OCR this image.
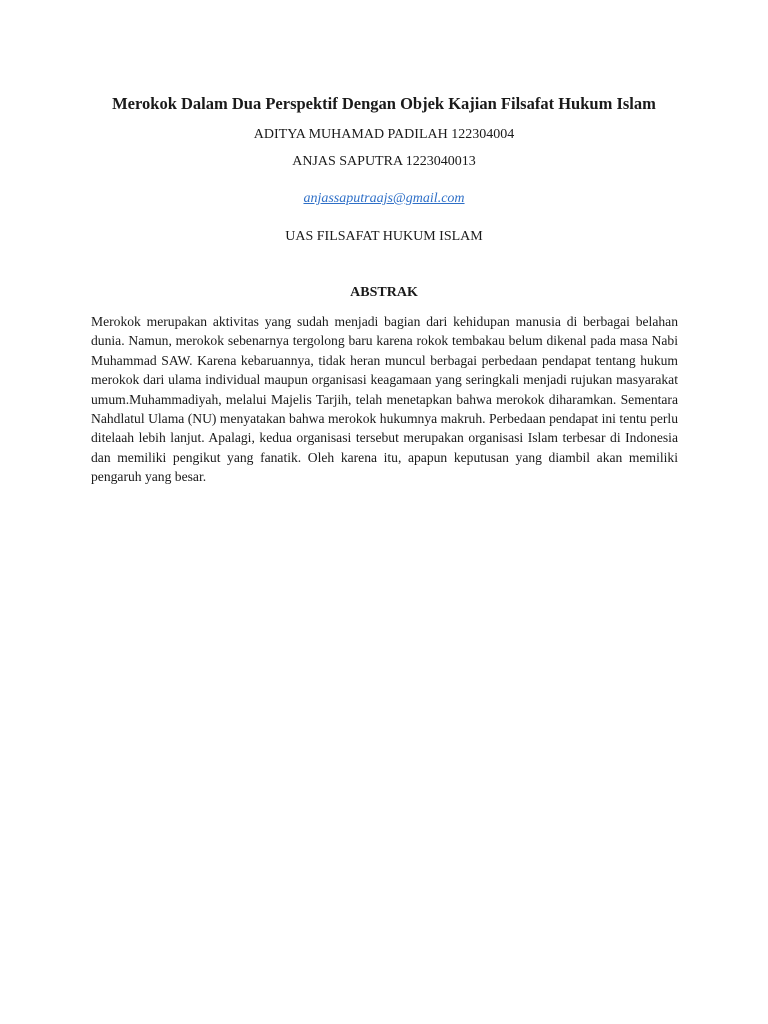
Merokok Dalam Dua Perspektif Dengan Objek Kajian Filsafat Hukum Islam
ADITYA MUHAMAD PADILAH 122304004
ANJAS SAPUTRA 1223040013
anjassaputraajs@gmail.com
UAS FILSAFAT HUKUM ISLAM
ABSTRAK

Merokok merupakan aktivitas yang sudah menjadi bagian dari kehidupan manusia di berbagai belahan dunia. Namun, merokok sebenarnya tergolong baru karena rokok tembakau belum dikenal pada masa Nabi Muhammad SAW. Karena kebaruannya, tidak heran muncul berbagai perbedaan pendapat tentang hukum merokok dari ulama individual maupun organisasi keagamaan yang seringkali menjadi rujukan masyarakat umum.Muhammadiyah, melalui Majelis Tarjih, telah menetapkan bahwa merokok diharamkan. Sementara Nahdlatul Ulama (NU) menyatakan bahwa merokok hukumnya makruh. Perbedaan pendapat ini tentu perlu ditelaah lebih lanjut. Apalagi, kedua organisasi tersebut merupakan organisasi Islam terbesar di Indonesia dan memiliki pengikut yang fanatik. Oleh karena itu, apapun keputusan yang diambil akan memiliki pengaruh yang besar.
